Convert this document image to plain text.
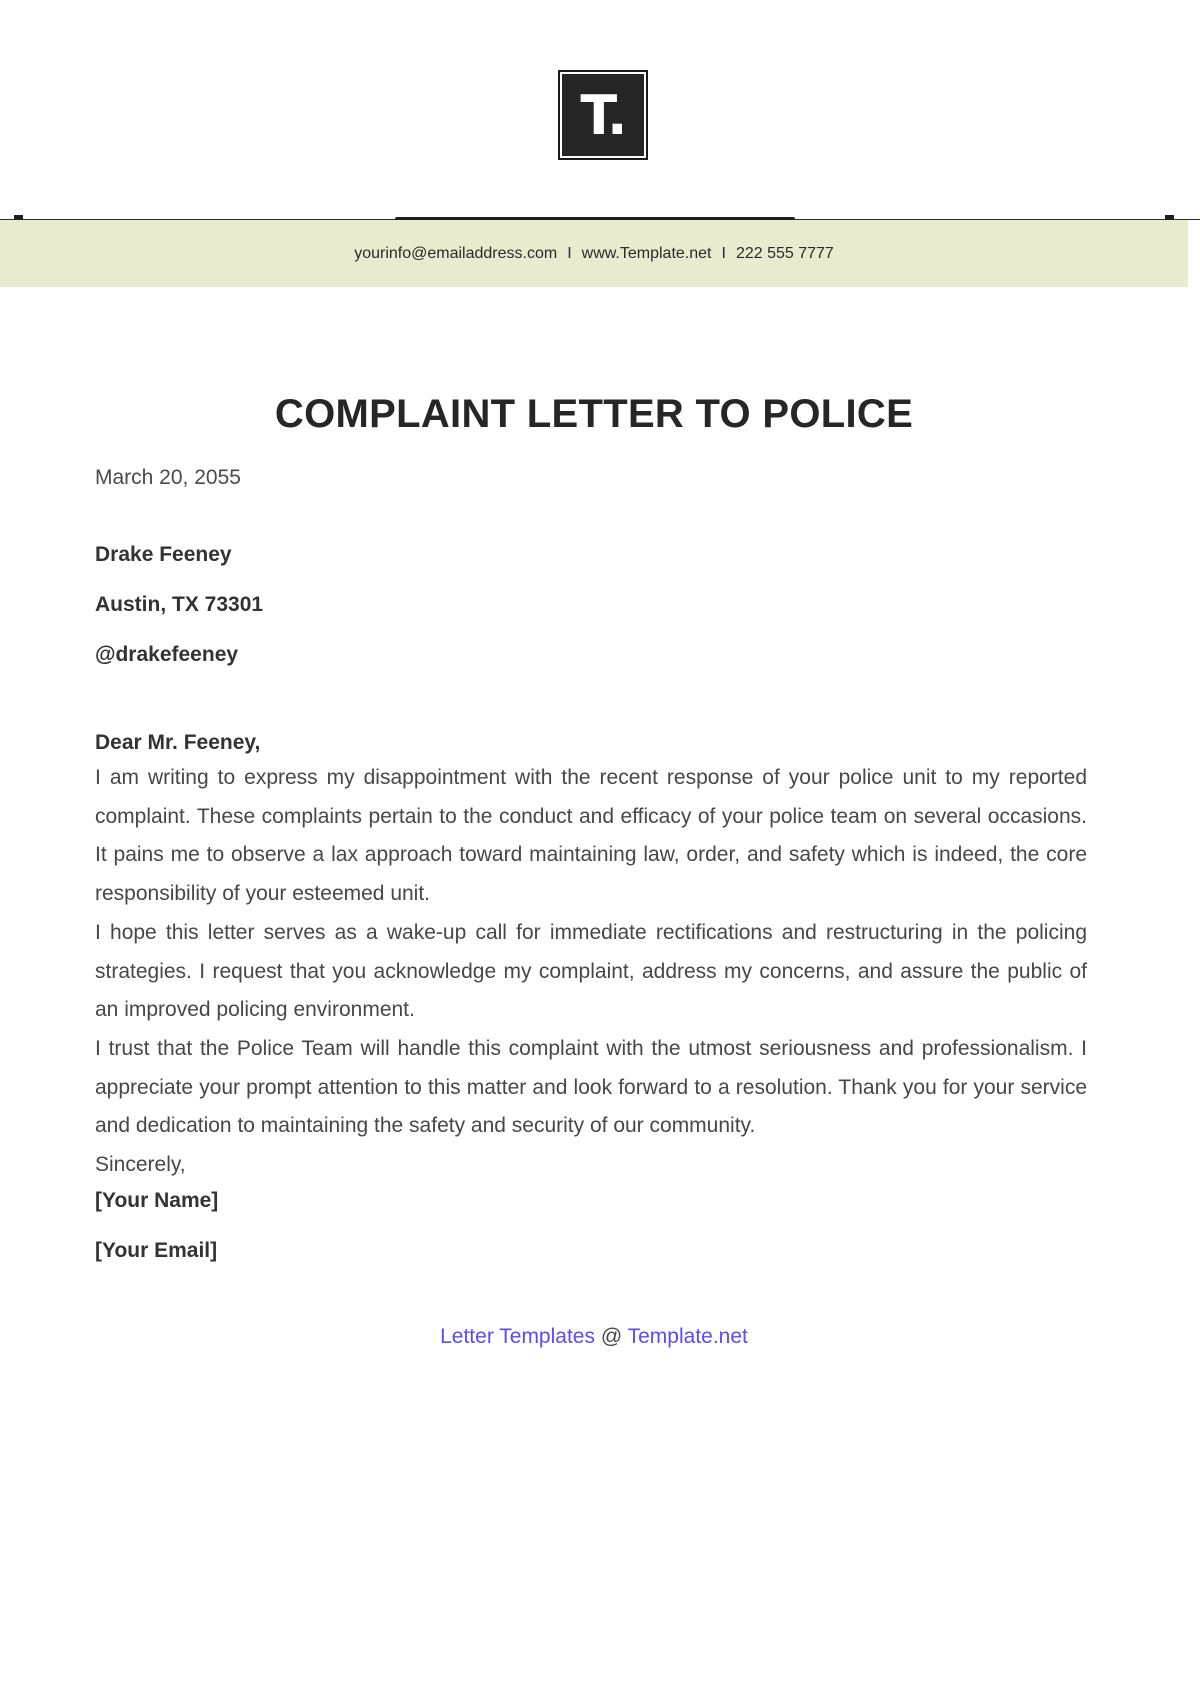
T.
yourinfo@emailaddress.com I www.Template.net I 222 555 7777
COMPLAINT LETTER TO POLICE

March 20, 2055

Drake Feeney

Austin, TX 73301

@drakefeeney

Dear Mr. Feeney,

I am writing to express my disappointment with the recent response of your police unit to my reported complaint. These complaints pertain to the conduct and efficacy of your police team on several occasions. It pains me to observe a lax approach toward maintaining law, order, and safety which is indeed, the core responsibility of your esteemed unit.

I hope this letter serves as a wake-up call for immediate rectifications and restructuring in the policing strategies. I request that you acknowledge my complaint, address my concerns, and assure the public of an improved policing environment.

I trust that the Police Team will handle this complaint with the utmost seriousness and professionalism. I appreciate your prompt attention to this matter and look forward to a resolution. Thank you for your service and dedication to maintaining the safety and security of our community.

Sincerely,

[Your Name]

[Your Email]

Letter Templates @ Template.net
